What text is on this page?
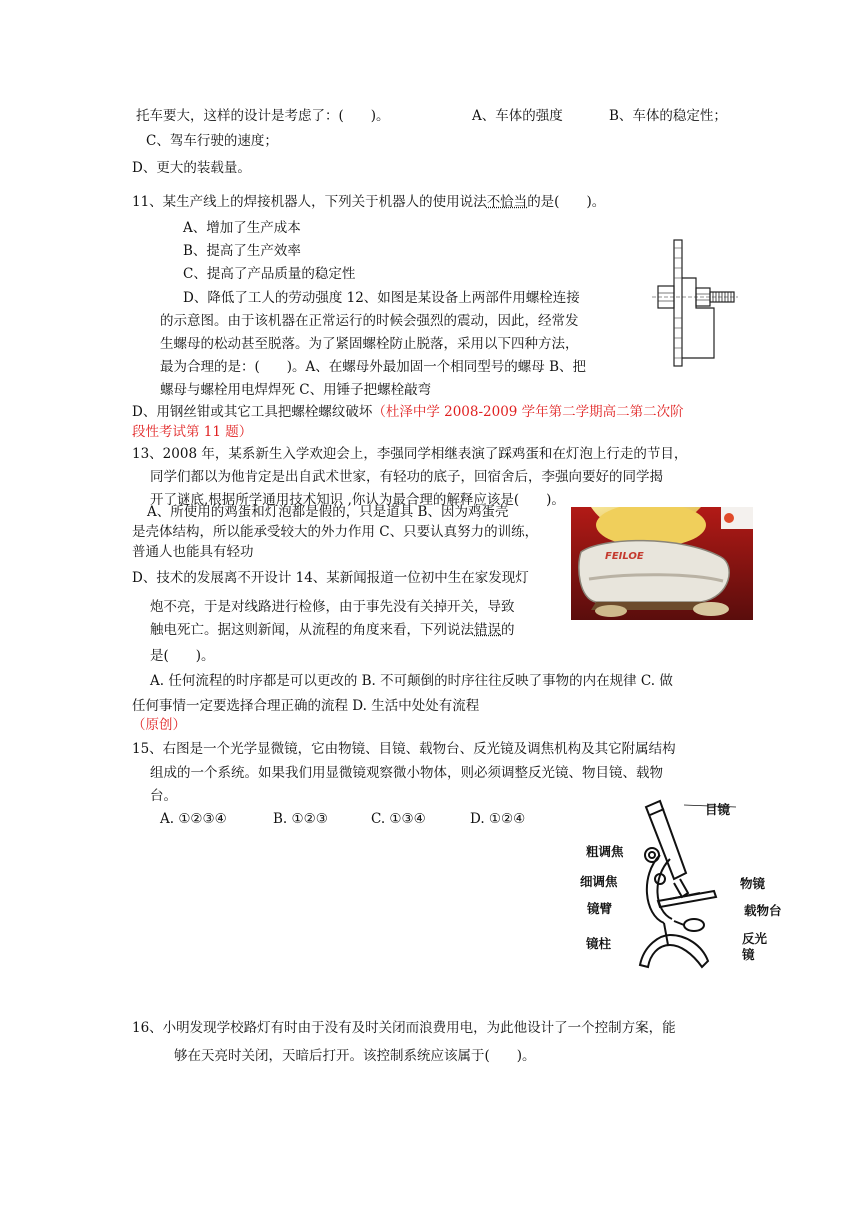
托车要大，这样的设计是考虑了：(　　)。	A、车体的强度	B、车体的稳定性；
C、驾车行驶的速度；
D、更大的装载量。
11、某生产线上的焊接机器人，下列关于机器人的使用说法不恰当的是(　　)。
A、增加了生产成本
B、提高了生产效率
C、提高了产品质量的稳定性
D、降低了工人的劳动强度 12、如图是某设备上两部件用螺栓连接
的示意图。由于该机器在正常运行的时候会强烈的震动，因此，经常发
生螺母的松动甚至脱落。为了紧固螺栓防止脱落，采用以下四种方法，
最为合理的是：(　　)。A、在螺母外最加固一个相同型号的螺母 B、把
螺母与螺栓用电焊焊死 C、用锤子把螺栓敲弯
D、用钢丝钳或其它工具把螺栓螺纹破坏（杜泽中学 2008-2009 学年第二学期高二第二次阶
段性考试第 11 题）
13、2008 年，某系新生入学欢迎会上，李强同学相继表演了踩鸡蛋和在灯泡上行走的节目，
同学们都以为他肯定是出自武术世家，有轻功的底子，回宿舍后，李强向要好的同学揭
开了谜底,根据所学通用技术知识 ,你认为最合理的解释应该是(　　)。
A、所使用的鸡蛋和灯泡都是假的，只是道具 B、因为鸡蛋壳
是壳体结构，所以能承受较大的外力作用 C、只要认真努力的训练，
普通人也能具有轻功
D、技术的发展离不开设计 14、某新闻报道一位初中生在家发现灯
炮不亮，于是对线路进行检修，由于事先没有关掉开关，导致
触电死亡。据这则新闻，从流程的角度来看，下列说法错误的
是(　　)。
A. 任何流程的时序都是可以更改的 B. 不可颠倒的时序往往反映了事物的内在规律 C. 做
任何事情一定要选择合理正确的流程 D. 生活中处处有流程
（原创）
15、右图是一个光学显微镜，它由物镜、目镜、载物台、反光镜及调焦机构及其它附属结构
组成的一个系统。如果我们用显微镜观察微小物体，则必须调整反光镜、物目镜、载物
台。
A. ①②③④	B. ①②③	C. ①③④	D. ①②④
16、小明发现学校路灯有时由于没有及时关闭而浪费用电，为此他设计了一个控制方案，能
够在天亮时关闭，天暗后打开。该控制系统应该属于(　　)。
FEILOE
目镜
粗调焦
细调焦	物镜
镜臂	载物台
镜柱	反光
镜
